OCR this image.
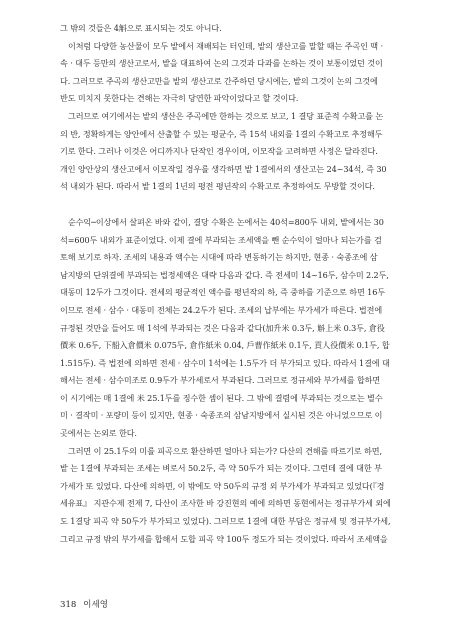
그 밖의 것들은 4斛으로 표시되는 것도 아니다.

이처럼 다양한 농산물이 모두 밭에서 재배되는 터인데, 밭의 생산고를 말할 때는 주곡인 맥 ·

속 · 대두 등만의 생산고로서, 밭을 대표하여 논의 그것과 다과를 논하는 것이 보통이었던 것이

다. 그러므로 주곡의 생산고만을 밭의 생산고로 간주하던 당시에는, 밭의 그것이 논의 그것에

반도 미치지 못한다는 견해는 자극히 당연한 파악이었다고 할 것이다.

그러므로 여기에서는 밭의 생산은 주곡에만 한하는 것으로 보고, 1 결당 표준적 수확고를 논

의 반, 정확하게는 양안에서 산출할 수 있는 평균수, 즉 15석 내외를 1결의 수확고로 추정해두

기로 한다. 그러나 이것은 어디까지나 단작인 경우이며, 이모작을 고려하면 사정은 달라진다.

개인 양안상의 생산고에서 이모작일 경우를 생각하면 밭 1결에서의 생산고는 24~34석, 즉 30

석 내외가 된다. 따라서 밭 1결의 1년의 평전 평년작의 수확고로 추정하여도 무방할 것이다.

순수익─이상에서 살펴온 바와 같이, 결당 수확은 논에서는 40석=800두 내외, 밭에서는 30

석=600두 내외가 표준이었다. 이제 결에 부과되는 조세액을 뺀 순수익이 얼마나 되는가를 검

토해 보기로 하자. 조세의 내용과 액수는 시대에 따라 변동하기는 하지만, 현종 · 숙종조에 삼

남지방의 단위결에 부과되는 법정세액은 대략 다음과 같다. 즉 전세미 14~16두, 삼수미 2.2두,

대동미 12두가 그것이다. 전세의 평균적인 액수를 평년작의 하, 즉 중하를 기준으로 하면 16두

이므로 전세 · 삼수 · 대동미 전체는 24.2두가 된다. 조세의 납부에는 부가세가 따른다. 법전에

규정된 것만을 들어도 매 1석에 부과되는 것은 다음과 같다(加升米 0.3두, 斛上米 0.3두, 倉役

價米 0.6두, 下船入倉價米 0.075두, 倉作紙米 0.04, 戶曹作紙米 0.1두, 貢人役價米 0.1두, 합

1.515두). 즉 법전에 의하면 전세 · 삼수미 1석에는 1.5두가 더 부가되고 있다. 따라서 1결에 대

해서는 전세 · 삼수미조로 0.9두가 부가세로서 부과된다. 그러므로 정규세와 부가세를 합하면

이 시기에는 매 1결에 米 25.1두를 징수한 셈이 된다. 그 밖에 결렴에 부과되는 것으로는 별수

미 · 결작미 · 포량미 등이 있지만, 현종 · 숙종조의 삼남지방에서 실시된 것은 아니었으므로 이

곳에서는 논외로 한다.

그러면 이 25.1두의 미를 피곡으로 환산하면 얼마나 되는가? 다산의 견해를 따르기로 하면,

밭 는 1결에 부과되는 조세는 벼로서 50.2두, 즉 약 50두가 되는 것이다. 그런데 결에 대한 부

가세가 또 있었다. 다산에 의하면, 이 밖에도 약 50두의 규정 외 부가세가 부과되고 있었다(『경

세유표』 지관수제 전제 7, 다산이 조사한 바 강진현의 예에 의하면 동현에서는 정규부가세 외에

도 1결당 피곡 약 50두가 부가되고 있었다). 그러므로 1결에 대한 부담은 정규세 및 정규부가세,

그리고 규정 밖의 부가세를 합해서 도합 피곡 약 100두 정도가 되는 것이었다. 따라서 조세액을

318 이세영
